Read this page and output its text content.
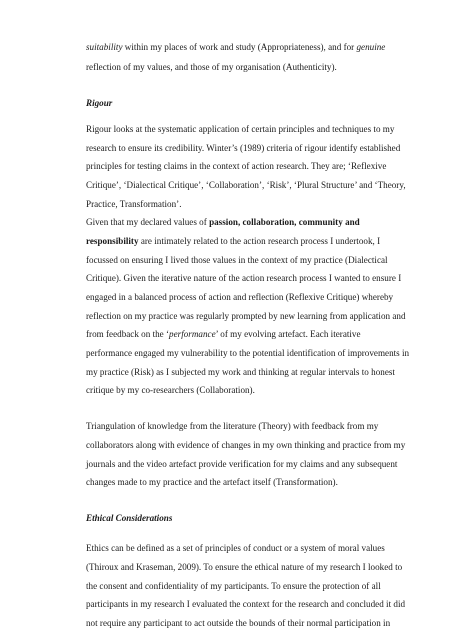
suitability within my places of work and study (Appropriateness), and for genuine
reflection of my values, and those of my organisation (Authenticity).
Rigour
Rigour looks at the systematic application of certain principles and techniques to my
research to ensure its credibility. Winter’s (1989) criteria of rigour identify established
principles for testing claims in the context of action research. They are; ‘Reflexive
Critique’, ‘Dialectical Critique’, ‘Collaboration’, ‘Risk’, ‘Plural Structure’ and ‘Theory,
Practice, Transformation’.
Given that my declared values of passion, collaboration, community and
responsibility are intimately related to the action research process I undertook, I
focussed on ensuring I lived those values in the context of my practice (Dialectical
Critique). Given the iterative nature of the action research process I wanted to ensure I
engaged in a balanced process of action and reflection (Reflexive Critique) whereby
reflection on my practice was regularly prompted by new learning from application and
from feedback on the ‘performance’ of my evolving artefact. Each iterative
performance engaged my vulnerability to the potential identification of improvements in
my practice (Risk) as I subjected my work and thinking at regular intervals to honest
critique by my co-researchers (Collaboration).
Triangulation of knowledge from the literature (Theory) with feedback from my
collaborators along with evidence of changes in my own thinking and practice from my
journals and the video artefact provide verification for my claims and any subsequent
changes made to my practice and the artefact itself (Transformation).
Ethical Considerations
Ethics can be defined as a set of principles of conduct or a system of moral values
(Thiroux and Kraseman, 2009). To ensure the ethical nature of my research I looked to
the consent and confidentiality of my participants. To ensure the protection of all
participants in my research I evaluated the context for the research and concluded it did
not require any participant to act outside the bounds of their normal participation in
